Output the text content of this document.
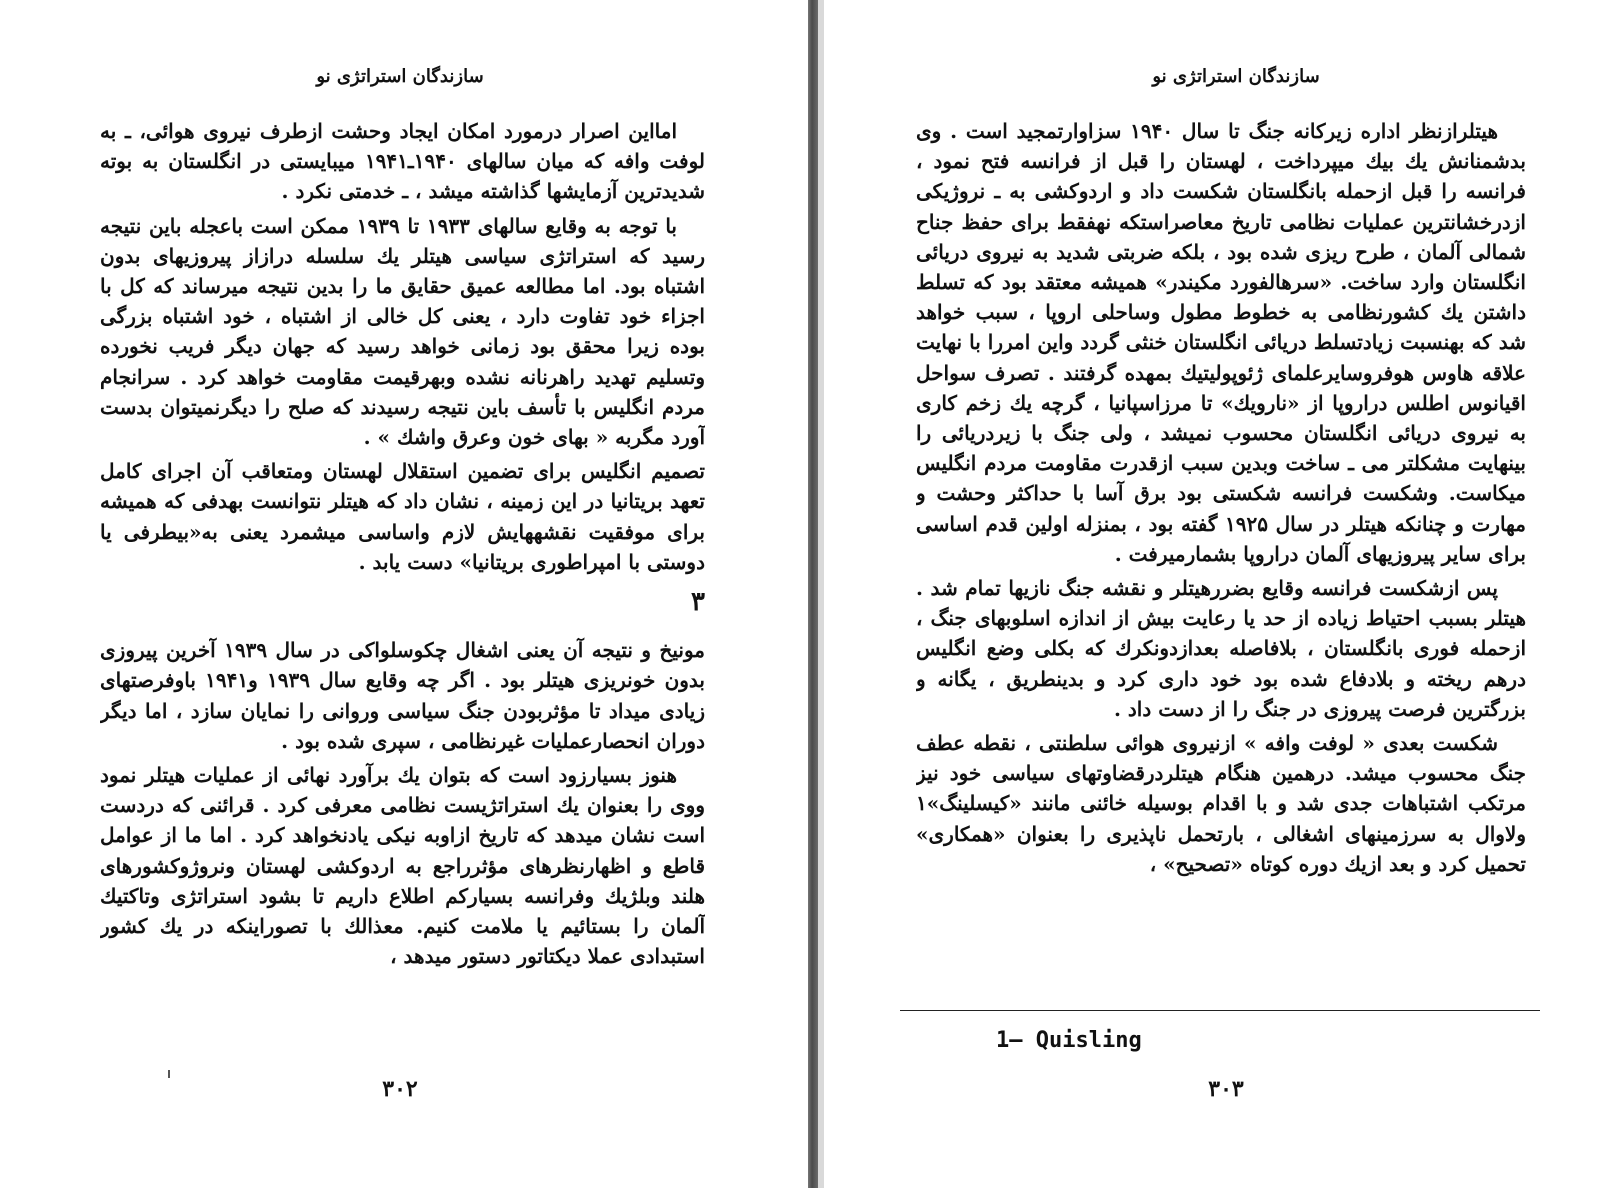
سازندگان استراتژی نو

امااین اصرار درمورد امکان ایجاد وحشت ازطرف نیروی هوائی، ـ به لوفت وافه که میان سالهای ۱۹۴۰ـ۱۹۴۱ میبایستی در انگلستان به بوته شدیدترین آزمایشها گذاشته میشد ، ـ خدمتی نکرد .

با توجه به وقایع سالهای ۱۹۳۳ تا ۱۹۳۹ ممکن است باعجله باین نتیجه رسید که استراتژی سیاسی هیتلر یك سلسله درازاز پیروزیهای بدون اشتباه بود. اما مطالعه عمیق حقایق ما را بدین نتیجه میرساند که کل با اجزاء خود تفاوت دارد ، یعنی کل خالی از اشتباه ، خود اشتباه بزرگی بوده زیرا محقق بود زمانی خواهد رسید که جهان دیگر فریب نخورده وتسلیم تهدید راهرنانه نشده وبهرقیمت مقاومت خواهد کرد . سرانجام مردم انگلیس با تأسف باین نتیجه رسیدند که صلح را دیگرنمیتوان بدست آورد مگربه « بهای خون وعرق واشك » .

تصمیم انگلیس برای تضمین استقلال لهستان ومتعاقب آن اجرای کامل تعهد بریتانیا در این زمینه ، نشان داد که هیتلر نتوانست بهدفی که همیشه برای موفقیت نقشههایش لازم واساسی میشمرد یعنی به«بیطرفی یا دوستی با امپراطوری بریتانیا» دست یابد .

۳

مونیخ و نتیجه آن یعنی اشغال چکوسلواکی در سال ۱۹۳۹ آخرین پیروزی بدون خونریزی هیتلر بود . اگر چه وقایع سال ۱۹۳۹ و۱۹۴۱ باوفرصتهای زیادی میداد تا مؤثربودن جنگ سیاسی وروانی را نمایان سازد ، اما دیگر دوران انحصارعملیات غیرنظامی ، سپری شده بود .

هنوز بسیارزود است که بتوان یك برآورد نهائی از عملیات هیتلر نمود ووی را بعنوان یك استراتژیست نظامی معرفی کرد . قرائنی که دردست است نشان میدهد که تاریخ ازاوبه نیکی یادنخواهد کرد . اما ما از عوامل قاطع و اظهارنظرهای مؤثرراجع به اردوکشی لهستان ونروژوکشورهای هلند وبلژیك وفرانسه بسیارکم اطلاع داریم تا بشود استراتژی وتاکتیك آلمان را بستائیم یا ملامت کنیم. معذالك با تصوراینکه در یك کشور استبدادی عملا دیکتاتور دستور میدهد ،

۳۰۲
سازندگان استراتژی نو

هیتلرازنظر اداره زیرکانه جنگ تا سال ۱۹۴۰ سزاوارتمجید است . وی بدشمنانش یك بیك میپرداخت ، لهستان را قبل از فرانسه فتح نمود ، فرانسه را قبل ازحمله بانگلستان شکست داد و اردوکشی به ـ نروژیکی ازدرخشانترین عملیات نظامی تاریخ معاصراستکه نهفقط برای حفظ جناح شمالی آلمان ، طرح ریزی شده بود ، بلکه ضربتی شدید به نیروی دریائی انگلستان وارد ساخت. «سرهالفورد مکیندر» همیشه معتقد بود که تسلط داشتن یك کشورنظامی به خطوط مطول وساحلی اروپا ، سبب خواهد شد که بهنسبت زیادتسلط دریائی انگلستان خنثی گردد واین امررا با نهایت علاقه هاوس هوفروسایرعلمای ژئوپولیتیك بمهده گرفتند . تصرف سواحل اقیانوس اطلس دراروپا از «نارویك» تا مرزاسپانیا ، گرچه یك زخم کاری به نیروی دریائی انگلستان محسوب نمیشد ، ولی جنگ با زیردریائی را بینهایت مشکلتر می ـ ساخت وبدین سبب ازقدرت مقاومت مردم انگلیس میکاست. وشکست فرانسه شکستی بود برق آسا با حداکثر وحشت و مهارت و چنانکه هیتلر در سال ۱۹۲۵ گفته بود ، بمنزله اولین قدم اساسی برای سایر پیروزیهای آلمان دراروپا بشمارمیرفت .

پس ازشکست فرانسه وقایع بضررهیتلر و نقشه جنگ نازیها تمام شد . هیتلر بسبب احتیاط زیاده از حد یا رعایت بیش از اندازه اسلوبهای جنگ ، ازحمله فوری بانگلستان ، بلافاصله بعدازدونکرك که بکلی وضع انگلیس درهم ریخته و بلادفاع شده بود خود داری کرد و بدینطریق ، یگانه و بزرگترین فرصت پیروزی در جنگ را از دست داد .

شکست بعدی « لوفت وافه » ازنیروی هوائی سلطنتی ، نقطه عطف جنگ محسوب میشد. درهمین هنگام هیتلردرقضاوتهای سیاسی خود نیز مرتکب اشتباهات جدی شد و با اقدام بوسیله خائنی مانند «کیسلینگ»۱ ولاوال به سرزمینهای اشغالی ، بارتحمل ناپذیری را بعنوان «همکاری» تحمیل کرد و بعد ازیك دوره کوتاه «تصحیح» ،

1– Quisling
۳۰۳
